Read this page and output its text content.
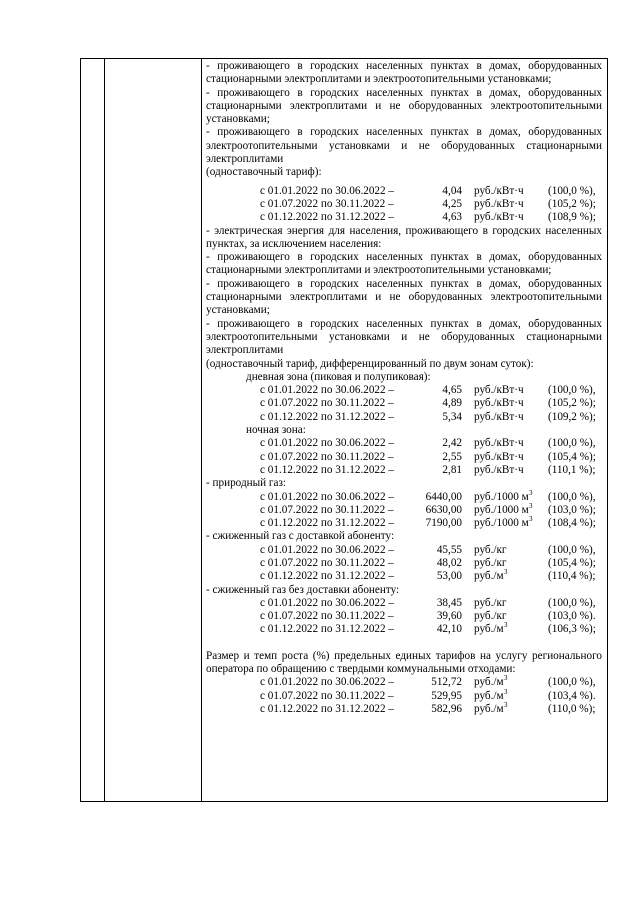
- проживающего в городских населенных пунктах в домах, оборудованных стационарными электроплитами и электроотопительными установками;

- проживающего в городских населенных пунктах в домах, оборудованных стационарными электроплитами и не оборудованных электроотопительными установками;

- проживающего в городских населенных пунктах в домах, оборудованных электроотопительными установками и не оборудованных стационарными электроплитами

(одноставочный тариф):

с 01.01.2022 по 30.06.2022 –	4,04 руб./кВт·ч (100,0 %),
с 01.07.2022 по 30.11.2022 –	4,25 руб./кВт·ч (105,2 %);
с 01.12.2022 по 31.12.2022 –	4,63 руб./кВт·ч (108,9 %);

- электрическая энергия для населения, проживающего в городских населенных пунктах, за исключением населения:

- проживающего в городских населенных пунктах в домах, оборудованных стационарными электроплитами и электроотопительными установками;

- проживающего в городских населенных пунктах в домах, оборудованных стационарными электроплитами и не оборудованных электроотопительными установками;

- проживающего в городских населенных пунктах в домах, оборудованных электроотопительными установками и не оборудованных стационарными электроплитами

(одноставочный тариф, дифференцированный по двум зонам суток):

дневная зона (пиковая и полупиковая):
с 01.01.2022 по 30.06.2022 –	4,65 руб./кВт·ч (100,0 %),
с 01.07.2022 по 30.11.2022 –	4,89 руб./кВт·ч (105,2 %);
с 01.12.2022 по 31.12.2022 –	5,34 руб./кВт·ч (109,2 %);
ночная зона:
с 01.01.2022 по 30.06.2022 –	2,42 руб./кВт·ч (100,0 %),
с 01.07.2022 по 30.11.2022 –	2,55 руб./кВт·ч (105,4 %);
с 01.12.2022 по 31.12.2022 –	2,81 руб./кВт·ч (110,1 %);
- природный газ:
с 01.01.2022 по 30.06.2022 –	6440,00 руб./1000 м 3 (100,0 %),
с 01.07.2022 по 30.11.2022 –	6630,00 руб./1000 м 3 (103,0 %);
с 01.12.2022 по 31.12.2022 –	7190,00 руб./1000 м 3 (108,4 %);
- сжиженный газ с доставкой абоненту:
с 01.01.2022 по 30.06.2022 –	45,55 руб./кг	(100,0 %),
с 01.07.2022 по 30.11.2022 –	48,02 руб./кг	(105,4 %);
с 01.12.2022 по 31.12.2022 –	53,00 руб./м 3	(110,4 %);
- сжиженный газ без доставки абоненту:
с 01.01.2022 по 30.06.2022 –	38,45 руб./кг	(100,0 %),
с 01.07.2022 по 30.11.2022 –	39,60 руб./кг	(103,0 %).
с 01.12.2022 по 31.12.2022 –	42,10 руб./м 3	(106,3 %);

Размер и темп роста (%) предельных единых тарифов на услугу регионального оператора по обращению с твердыми коммунальными отходами:

с 01.01.2022 по 30.06.2022 –	512,72 руб./м 3	(100,0 %),
с 01.07.2022 по 30.11.2022 –	529,95 руб./м 3	(103,4 %).
с 01.12.2022 по 31.12.2022 –	582,96 руб./м 3	(110,0 %);
